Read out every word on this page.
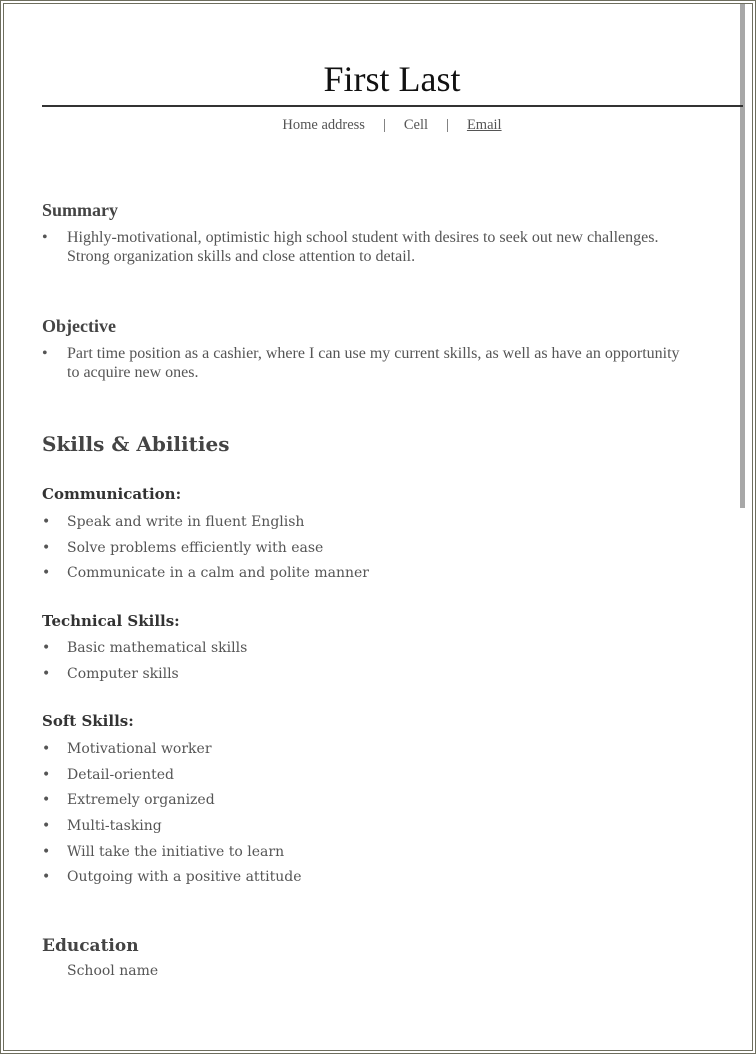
First Last
Home address | Cell | Email
Summary
• Highly-motivational, optimistic high school student with desires to seek out new challenges.
Strong organization skills and close attention to detail.
Objective
• Part time position as a cashier, where I can use my current skills, as well as have an opportunity
to acquire new ones.
Skills & Abilities
Communication:
• Speak and write in fluent English
• Solve problems efficiently with ease
• Communicate in a calm and polite manner
Technical Skills:
• Basic mathematical skills
• Computer skills
Soft Skills:
• Motivational worker
• Detail-oriented
• Extremely organized
• Multi-tasking
• Will take the initiative to learn
• Outgoing with a positive attitude
Education
School name
